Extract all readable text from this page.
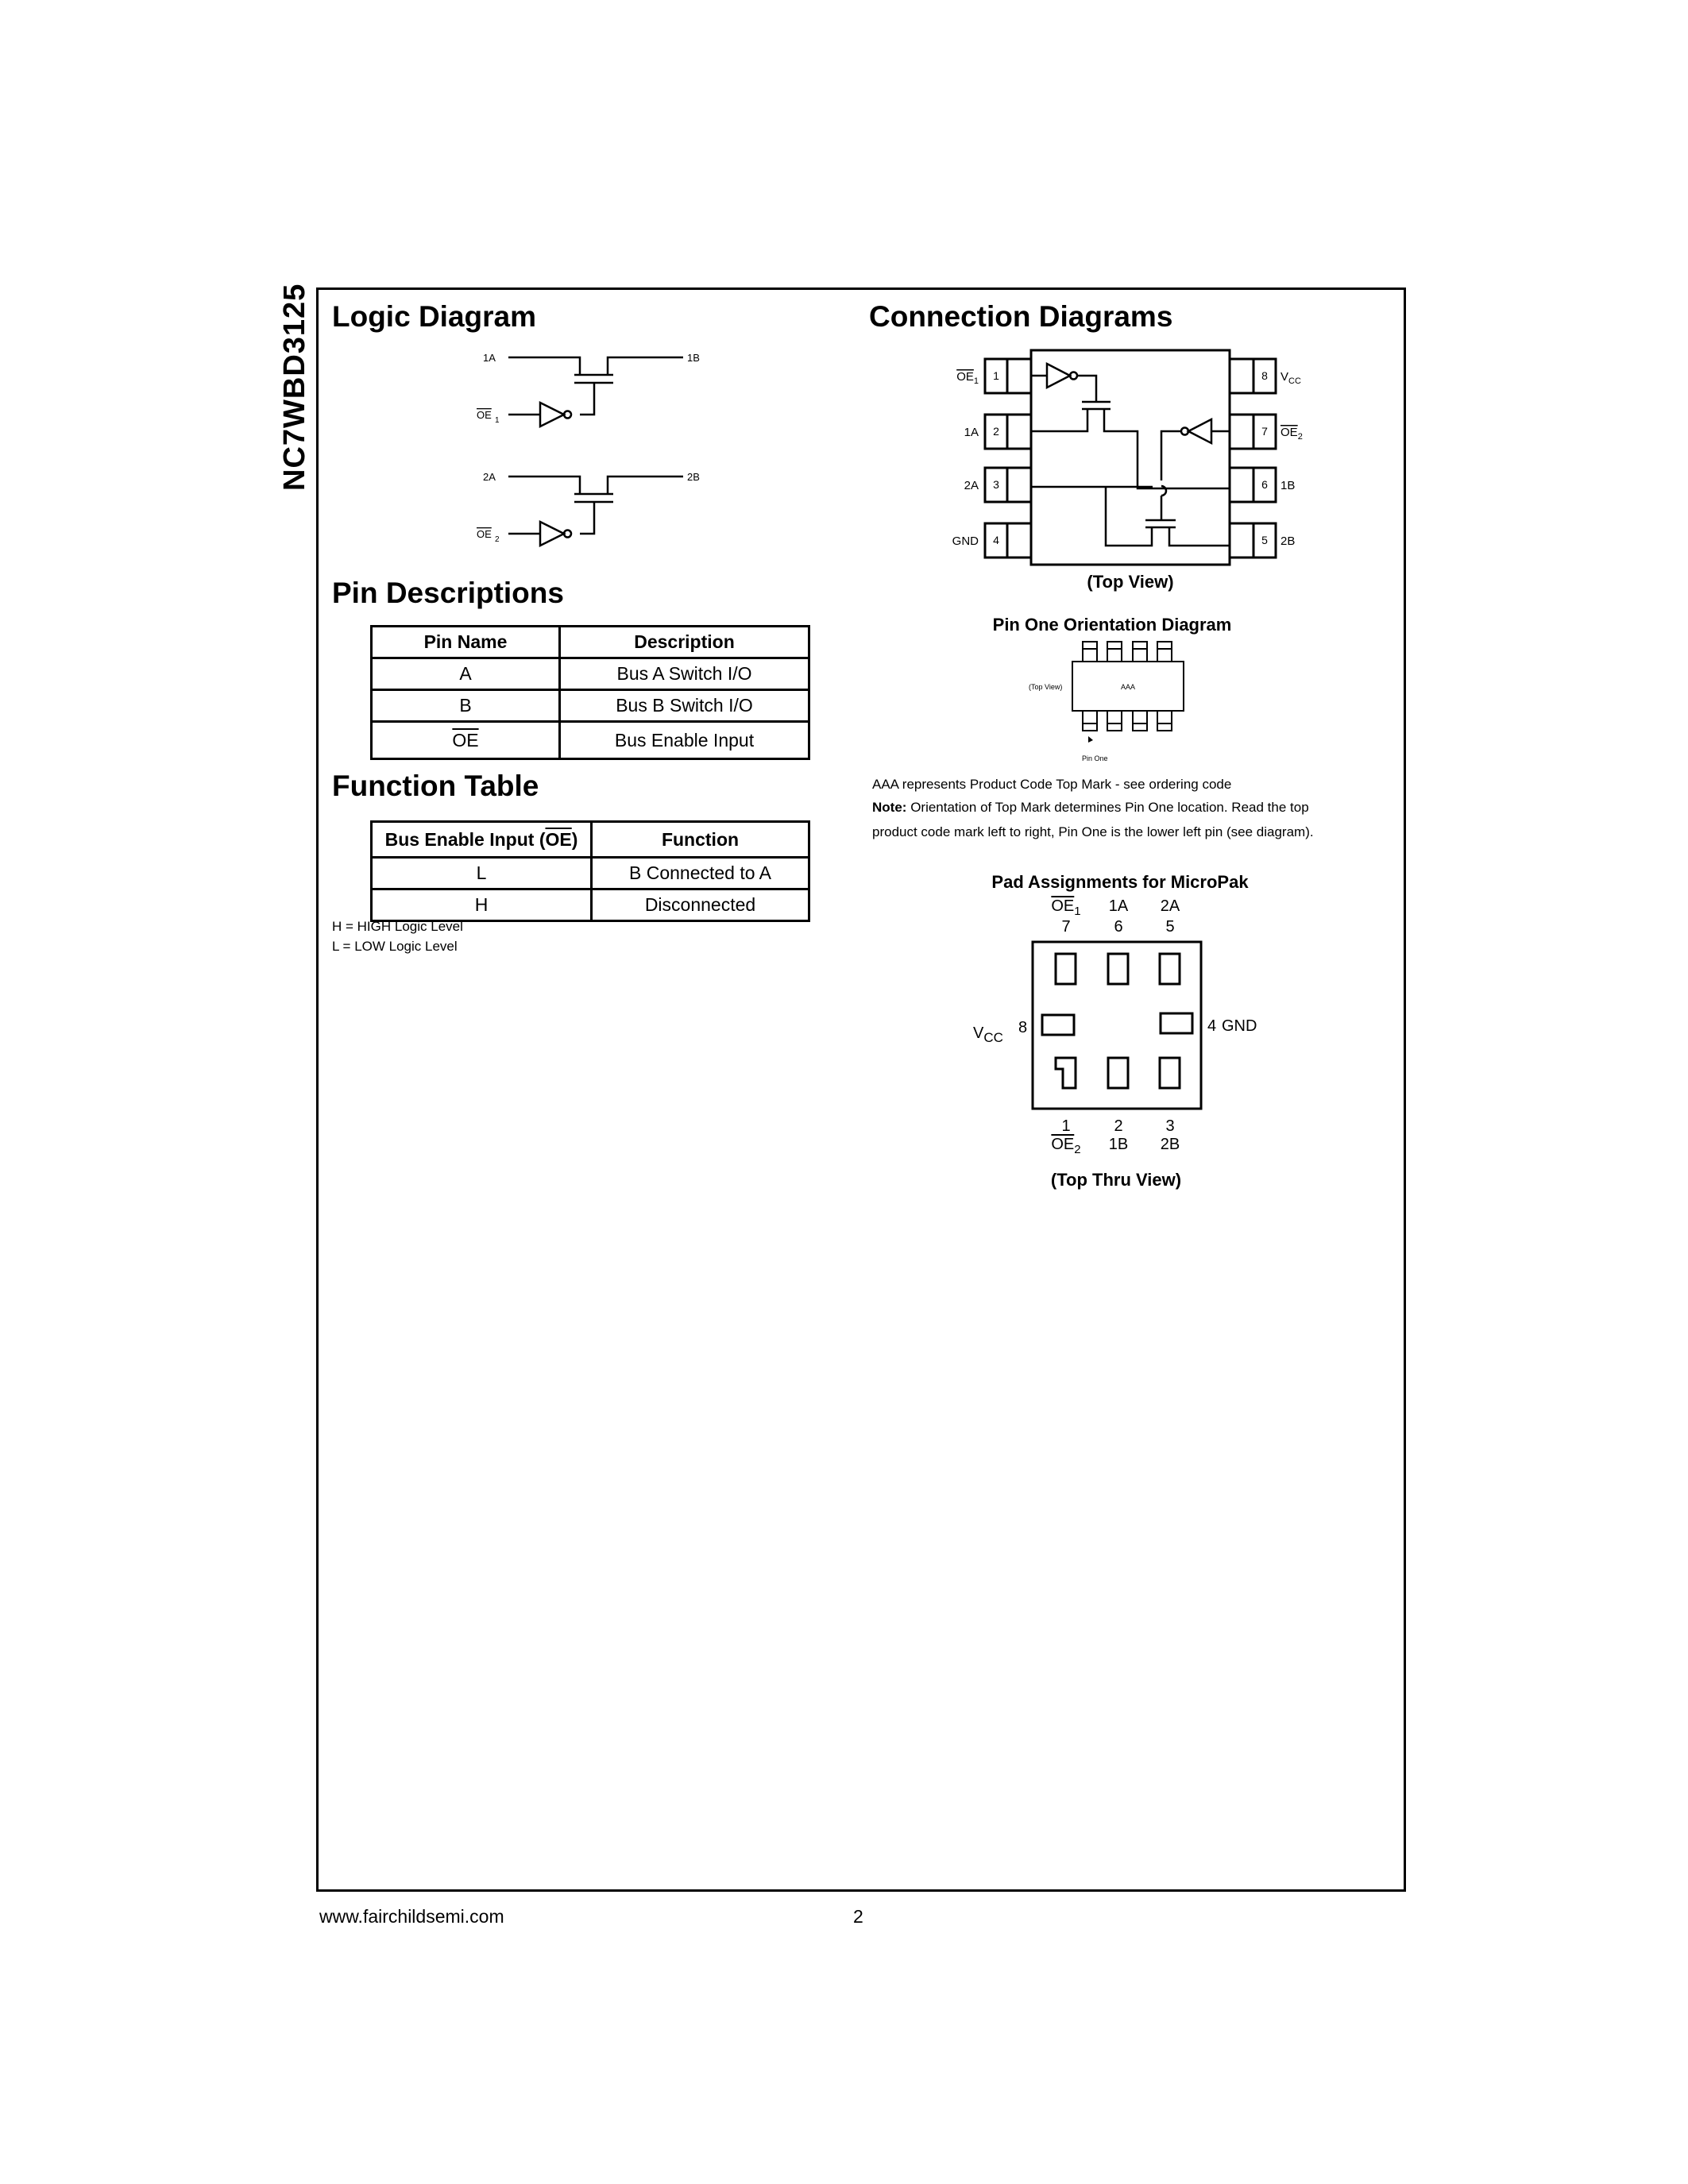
NC7WBD3125 Logic Diagram
1A	1B
OE 1
2A	2B
OE 2
Pin Descriptions
Pin Name	Description
A	Bus A Switch I/O
B	Bus B Switch I/O
$\overline{OE}$	Bus Enable Input
Function Table
Bus Enable Input $(\overline{OE})$	Function
L	B Connected to A
H	Disconnected
H = HIGH Logic Level
L = LOW Logic Level
Connection Diagrams
1
2
3
4
8
7
6
5
$OE_1$
1A
2A
GND
$V_{CC}$
$OE_2$
1B
2B
(Top View)
Pin One Orientation Diagram
(Top View)	AAA
Pin One
AAA represents Product Code Top Mark - see ordering code
Note: Orientation of Top Mark determines Pin One location. Read the top
product code mark left to right, Pin One is the lower left pin (see diagram).
Pad Assignments for MicroPak
$OE_1$
7
1A
6
2A
5
1
$OE_2$
2
1B
3
2B
$V_{CC}$
8	4 GND
(Top Thru View)
www.fairchildsemi.com	2
